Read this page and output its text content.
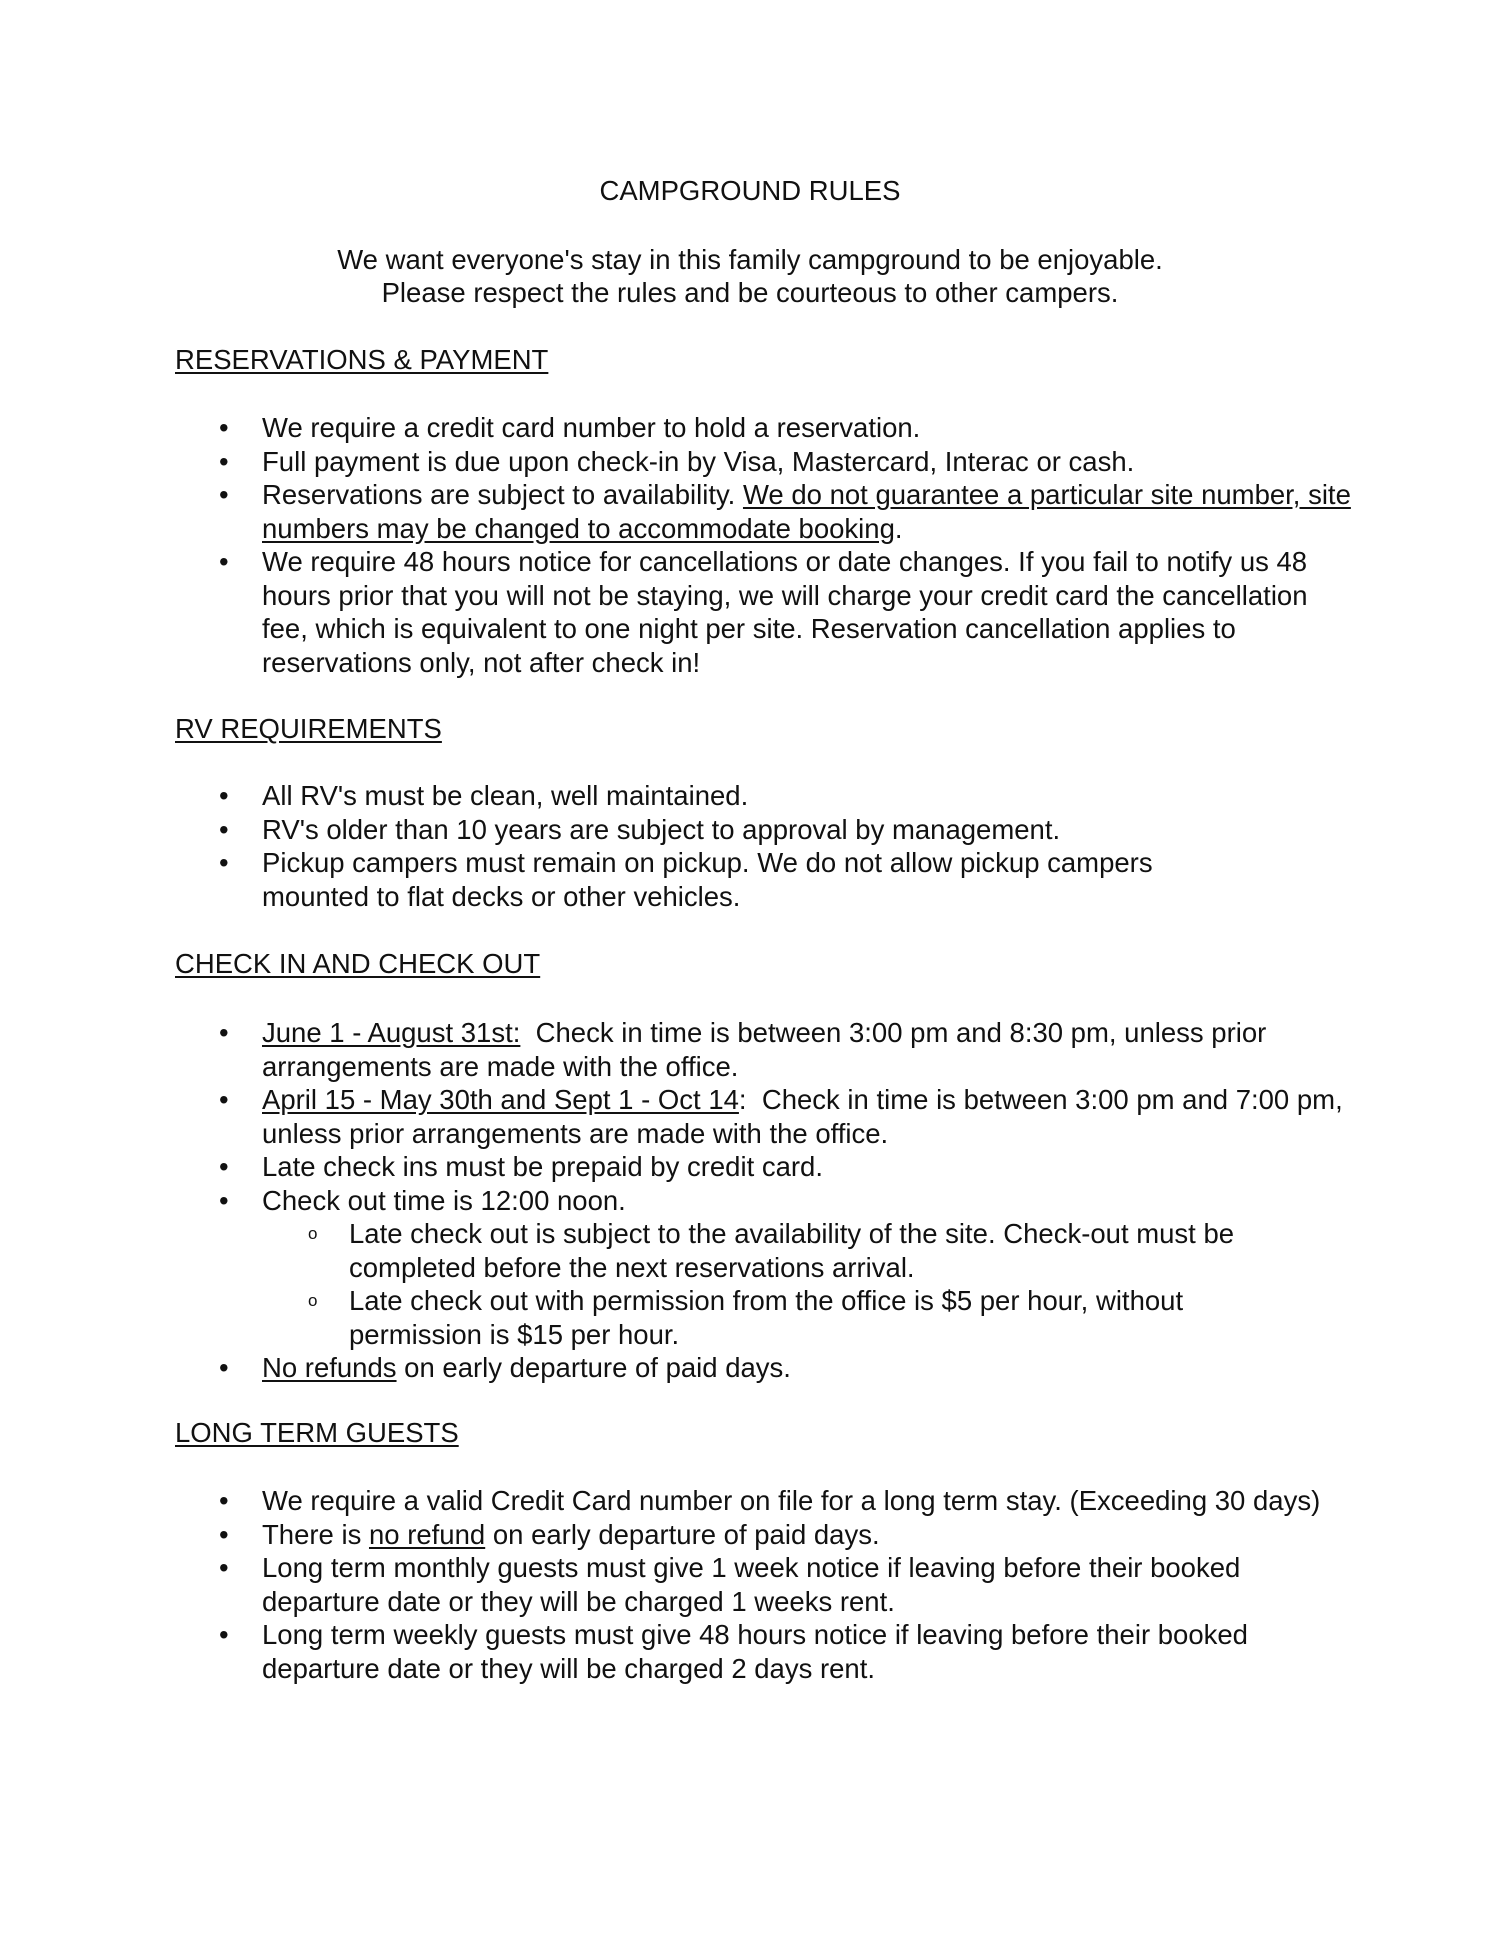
CAMPGROUND RULES
We want everyone's stay in this family campground to be enjoyable.
Please respect the rules and be courteous to other campers.
RESERVATIONS & PAYMENT
• We require a credit card number to hold a reservation.
• Full payment is due upon check-in by Visa, Mastercard, Interac or cash.
• Reservations are subject to availability. We do not guarantee a particular site number, site numbers may be changed to accommodate booking.
• We require 48 hours notice for cancellations or date changes. If you fail to notify us 48 hours prior that you will not be staying, we will charge your credit card the cancellation fee, which is equivalent to one night per site. Reservation cancellation applies to reservations only, not after check in!
RV REQUIREMENTS
• All RV's must be clean, well maintained.
• RV's older than 10 years are subject to approval by management.
• Pickup campers must remain on pickup. We do not allow pickup campers mounted to flat decks or other vehicles.
CHECK IN AND CHECK OUT
• June 1 - August 31st:  Check in time is between 3:00 pm and 8:30 pm, unless prior arrangements are made with the office.
• April 15 - May 30th and Sept 1 - Oct 14:  Check in time is between 3:00 pm and 7:00 pm, unless prior arrangements are made with the office.
• Late check ins must be prepaid by credit card.
• Check out time is 12:00 noon.
o Late check out is subject to the availability of the site. Check-out must be completed before the next reservations arrival.
o Late check out with permission from the office is $5 per hour, without permission is $15 per hour.
• No refunds on early departure of paid days.
LONG TERM GUESTS
• We require a valid Credit Card number on file for a long term stay. (Exceeding 30 days)
• There is no refund on early departure of paid days.
• Long term monthly guests must give 1 week notice if leaving before their booked departure date or they will be charged 1 weeks rent.
• Long term weekly guests must give 48 hours notice if leaving before their booked departure date or they will be charged 2 days rent.
